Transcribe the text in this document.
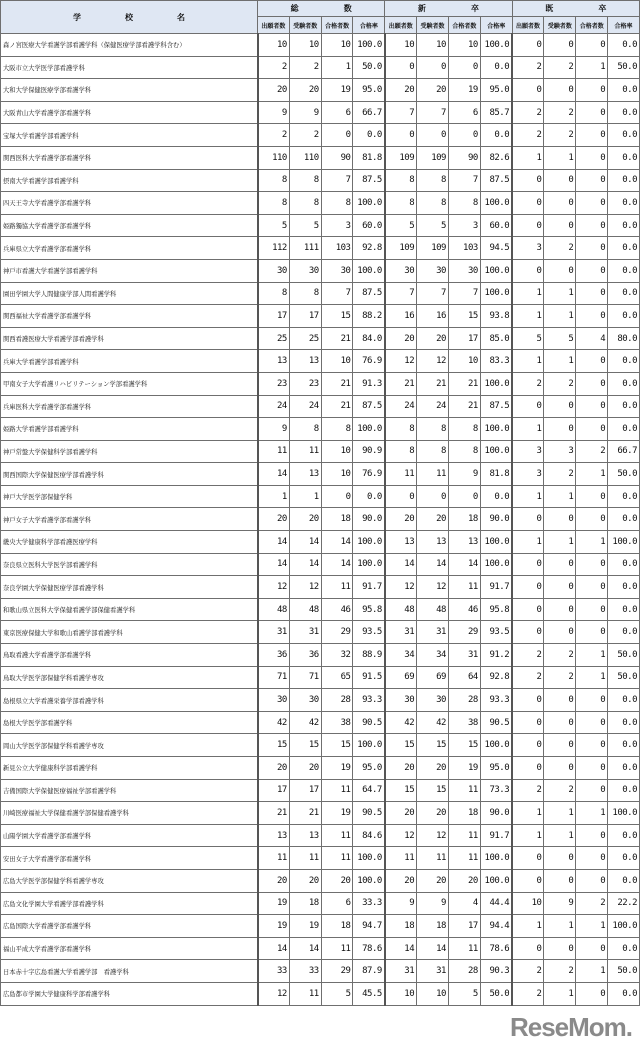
学 校 名	総 数				新 卒				既 卒			

	出願者数	受験者数	合格者数	合格率	出願者数	受験者数	合格者数	合格率	出願者数	受験者数	合格者数	合格率
森ノ宮医療大学看護学部看護学科（保健医療学部看護学科含む）	10	10	10	100.0	10	10	10	100.0	0	0	0	0.0
大阪市立大学医学部看護学科	2	2	1	50.0	0	0	0	0.0	2	2	1	50.0
大和大学保健医療学部看護学科	20	20	19	95.0	20	20	19	95.0	0	0	0	0.0
大阪青山大学看護学部看護学科	9	9	6	66.7	7	7	6	85.7	2	2	0	0.0
宝塚大学看護学部看護学科	2	2	0	0.0	0	0	0	0.0	2	2	0	0.0
関西医科大学看護学部看護学科	110	110	90	81.8	109	109	90	82.6	1	1	0	0.0
摂南大学看護学部看護学科	8	8	7	87.5	8	8	7	87.5	0	0	0	0.0
四天王寺大学看護学部看護学科	8	8	8	100.0	8	8	8	100.0	0	0	0	0.0
姫路獨協大学看護学部看護学科	5	5	3	60.0	5	5	3	60.0	0	0	0	0.0
兵庫県立大学看護学部看護学科	112	111	103	92.8	109	109	103	94.5	3	2	0	0.0
神戸市看護大学看護学部看護学科	30	30	30	100.0	30	30	30	100.0	0	0	0	0.0
園田学園大学人間健康学部人間看護学科	8	8	7	87.5	7	7	7	100.0	1	1	0	0.0
関西福祉大学看護学部看護学科	17	17	15	88.2	16	16	15	93.8	1	1	0	0.0
関西看護医療大学看護学部看護学科	25	25	21	84.0	20	20	17	85.0	5	5	4	80.0
兵庫大学看護学部看護学科	13	13	10	76.9	12	12	10	83.3	1	1	0	0.0
甲南女子大学看護リハビリテーション学部看護学科	23	23	21	91.3	21	21	21	100.0	2	2	0	0.0
兵庫医科大学看護学部看護学科	24	24	21	87.5	24	24	21	87.5	0	0	0	0.0
姫路大学看護学部看護学科	9	8	8	100.0	8	8	8	100.0	1	0	0	0.0
神戸常盤大学保健科学部看護学科	11	11	10	90.9	8	8	8	100.0	3	3	2	66.7
関西国際大学保健医療学部看護学科	14	13	10	76.9	11	11	9	81.8	3	2	1	50.0
神戸大学医学部保健学科	1	1	0	0.0	0	0	0	0.0	1	1	0	0.0
神戸女子大学看護学部看護学科	20	20	18	90.0	20	20	18	90.0	0	0	0	0.0
畿央大学健康科学部看護医療学科	14	14	14	100.0	13	13	13	100.0	1	1	1	100.0
奈良県立医科大学医学部看護学科	14	14	14	100.0	14	14	14	100.0	0	0	0	0.0
奈良学園大学保健医療学部看護学科	12	12	11	91.7	12	12	11	91.7	0	0	0	0.0
和歌山県立医科大学保健看護学部保健看護学科	48	48	46	95.8	48	48	46	95.8	0	0	0	0.0
東京医療保健大学和歌山看護学部看護学科	31	31	29	93.5	31	31	29	93.5	0	0	0	0.0
鳥取看護大学看護学部看護学科	36	36	32	88.9	34	34	31	91.2	2	2	1	50.0
鳥取大学医学部保健学科看護学専攻	71	71	65	91.5	69	69	64	92.8	2	2	1	50.0
島根県立大学看護栄養学部看護学科	30	30	28	93.3	30	30	28	93.3	0	0	0	0.0
島根大学医学部看護学科	42	42	38	90.5	42	42	38	90.5	0	0	0	0.0
岡山大学医学部保健学科看護学専攻	15	15	15	100.0	15	15	15	100.0	0	0	0	0.0
新見公立大学健康科学部看護学科	20	20	19	95.0	20	20	19	95.0	0	0	0	0.0
吉備国際大学保健医療福祉学部看護学科	17	17	11	64.7	15	15	11	73.3	2	2	0	0.0
川崎医療福祉大学保健看護学部保健看護学科	21	21	19	90.5	20	20	18	90.0	1	1	1	100.0
山陽学園大学看護学部看護学科	13	13	11	84.6	12	12	11	91.7	1	1	0	0.0
安田女子大学看護学部看護学科	11	11	11	100.0	11	11	11	100.0	0	0	0	0.0
広島大学医学部保健学科看護学専攻	20	20	20	100.0	20	20	20	100.0	0	0	0	0.0
広島文化学園大学看護学部看護学科	19	18	6	33.3	9	9	4	44.4	10	9	2	22.2
広島国際大学看護学部看護学科	19	19	18	94.7	18	18	17	94.4	1	1	1	100.0
福山平成大学看護学部看護学科	14	14	11	78.6	14	14	11	78.6	0	0	0	0.0
日本赤十字広島看護大学看護学部　看護学科	33	33	29	87.9	31	31	28	90.3	2	2	1	50.0
広島都市学園大学健康科学部看護学科	12	11	5	45.5	10	10	5	50.0	2	1	0	0.0
ReseMom.
